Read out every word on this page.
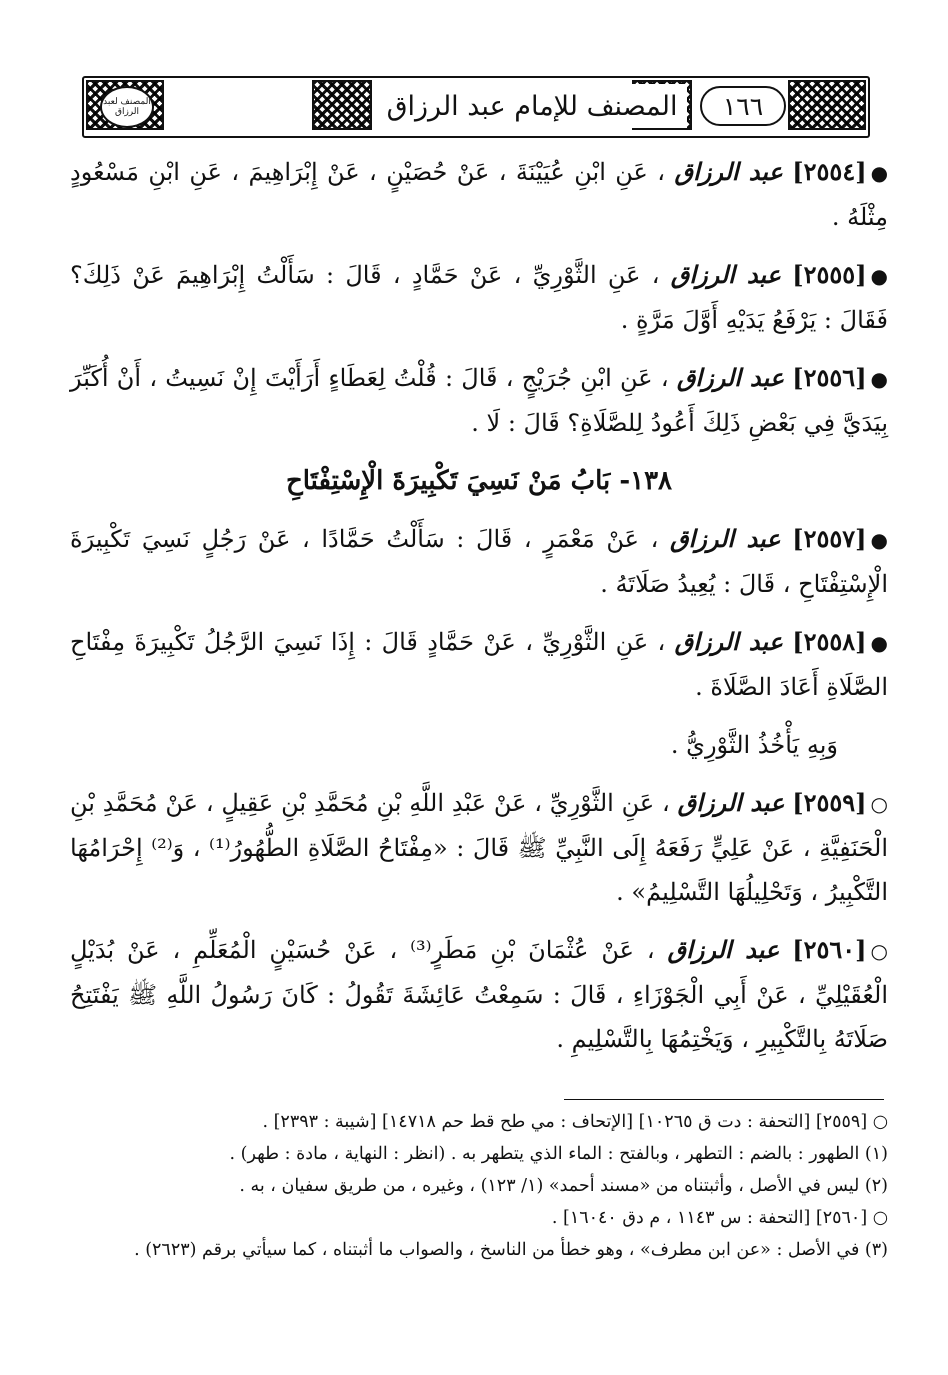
المصنف لعبد الرزاق	المصنف للإمام عبد الرزاق	١٦٦

●[٢٥٥٤] عبد الرزاق ، عَنِ ابْنِ عُيَيْنَةَ ، عَنْ حُصَيْنٍ ، عَنْ إِبْرَاهِيمَ ، عَنِ ابْنِ مَسْعُودٍ مِثْلَهُ .

●[٢٥٥٥] عبد الرزاق ، عَنِ الثَّوْرِيِّ ، عَنْ حَمَّادٍ ، قَالَ : سَأَلْتُ إِبْرَاهِيمَ عَنْ ذَلِكَ؟ فَقَالَ : يَرْفَعُ يَدَيْهِ أَوَّلَ مَرَّةٍ .

●[٢٥٥٦] عبد الرزاق ، عَنِ ابْنِ جُرَيْجٍ ، قَالَ : قُلْتُ لِعَطَاءٍ أَرَأَيْتَ إِنْ نَسِيتُ ، أَنْ أُكَبِّرَ بِيَدَيَّ فِي بَعْضِ ذَلِكَ أَعُودُ لِلصَّلَاةِ؟ قَالَ : لَا .

١٣٨- بَابُ مَنْ نَسِيَ تَكْبِيرَةَ الْإِسْتِفْتَاحِ

●[٢٥٥٧] عبد الرزاق ، عَنْ مَعْمَرٍ ، قَالَ : سَأَلْتُ حَمَّادًا ، عَنْ رَجُلٍ نَسِيَ تَكْبِيرَةَ الْإِسْتِفْتَاحِ ، قَالَ : يُعِيدُ صَلَاتَهُ .

●[٢٥٥٨] عبد الرزاق ، عَنِ الثَّوْرِيِّ ، عَنْ حَمَّادٍ قَالَ : إِذَا نَسِيَ الرَّجُلُ تَكْبِيرَةَ مِفْتَاحِ الصَّلَاةِ أَعَادَ الصَّلَاةَ .

وَبِهِ يَأْخُذُ الثَّوْرِيُّ .

○[٢٥٥٩] عبد الرزاق ، عَنِ الثَّوْرِيِّ ، عَنْ عَبْدِ اللَّهِ بْنِ مُحَمَّدِ بْنِ عَقِيلٍ ، عَنْ مُحَمَّدِ بْنِ الْحَنَفِيَّةِ ، عَنْ عَلِيٍّ رَفَعَهُ إِلَى النَّبِيِّ ﷺ قَالَ : «مِفْتَاحُ الصَّلَاةِ الطُّهُورُ⁽¹⁾ ، وَ⁽²⁾ إِحْرَامُهَا التَّكْبِيرُ ، وَتَحْلِيلُهَا التَّسْلِيمُ» .

○[٢٥٦٠] عبد الرزاق ، عَنْ عُثْمَانَ بْنِ مَطَرٍ⁽³⁾ ، عَنْ حُسَيْنٍ الْمُعَلِّمِ ، عَنْ بُدَيْلٍ الْعُقَيْلِيِّ ، عَنْ أَبِي الْجَوْزَاءِ ، قَالَ : سَمِعْتُ عَائِشَةَ تَقُولُ : كَانَ رَسُولُ اللَّهِ ﷺ يَفْتَتِحُ صَلَاتَهُ بِالتَّكْبِيرِ ، وَيَخْتِمُهَا بِالتَّسْلِيمِ .

○ [٢٥٥٩] [التحفة : دت ق ١٠٢٦٥] [الإتحاف : مي طح قط حم ١٤٧١٨] [شيبة : ٢٣٩٣] .

(١) الطهور : بالضم : التطهر ، وبالفتح : الماء الذي يتطهر به . (انظر : النهاية ، مادة : طهر) .

(٢) ليس في الأصل ، وأثبتناه من «مسند أحمد» (١/ ١٢٣) ، وغيره ، من طريق سفيان ، به .

○ [٢٥٦٠] [التحفة : س ١١٤٣ ، م دق ١٦٠٤٠] .

(٣) في الأصل : «عن ابن مطرف» ، وهو خطأ من الناسخ ، والصواب ما أثبتناه ، كما سيأتي برقم (٢٦٢٣) .
